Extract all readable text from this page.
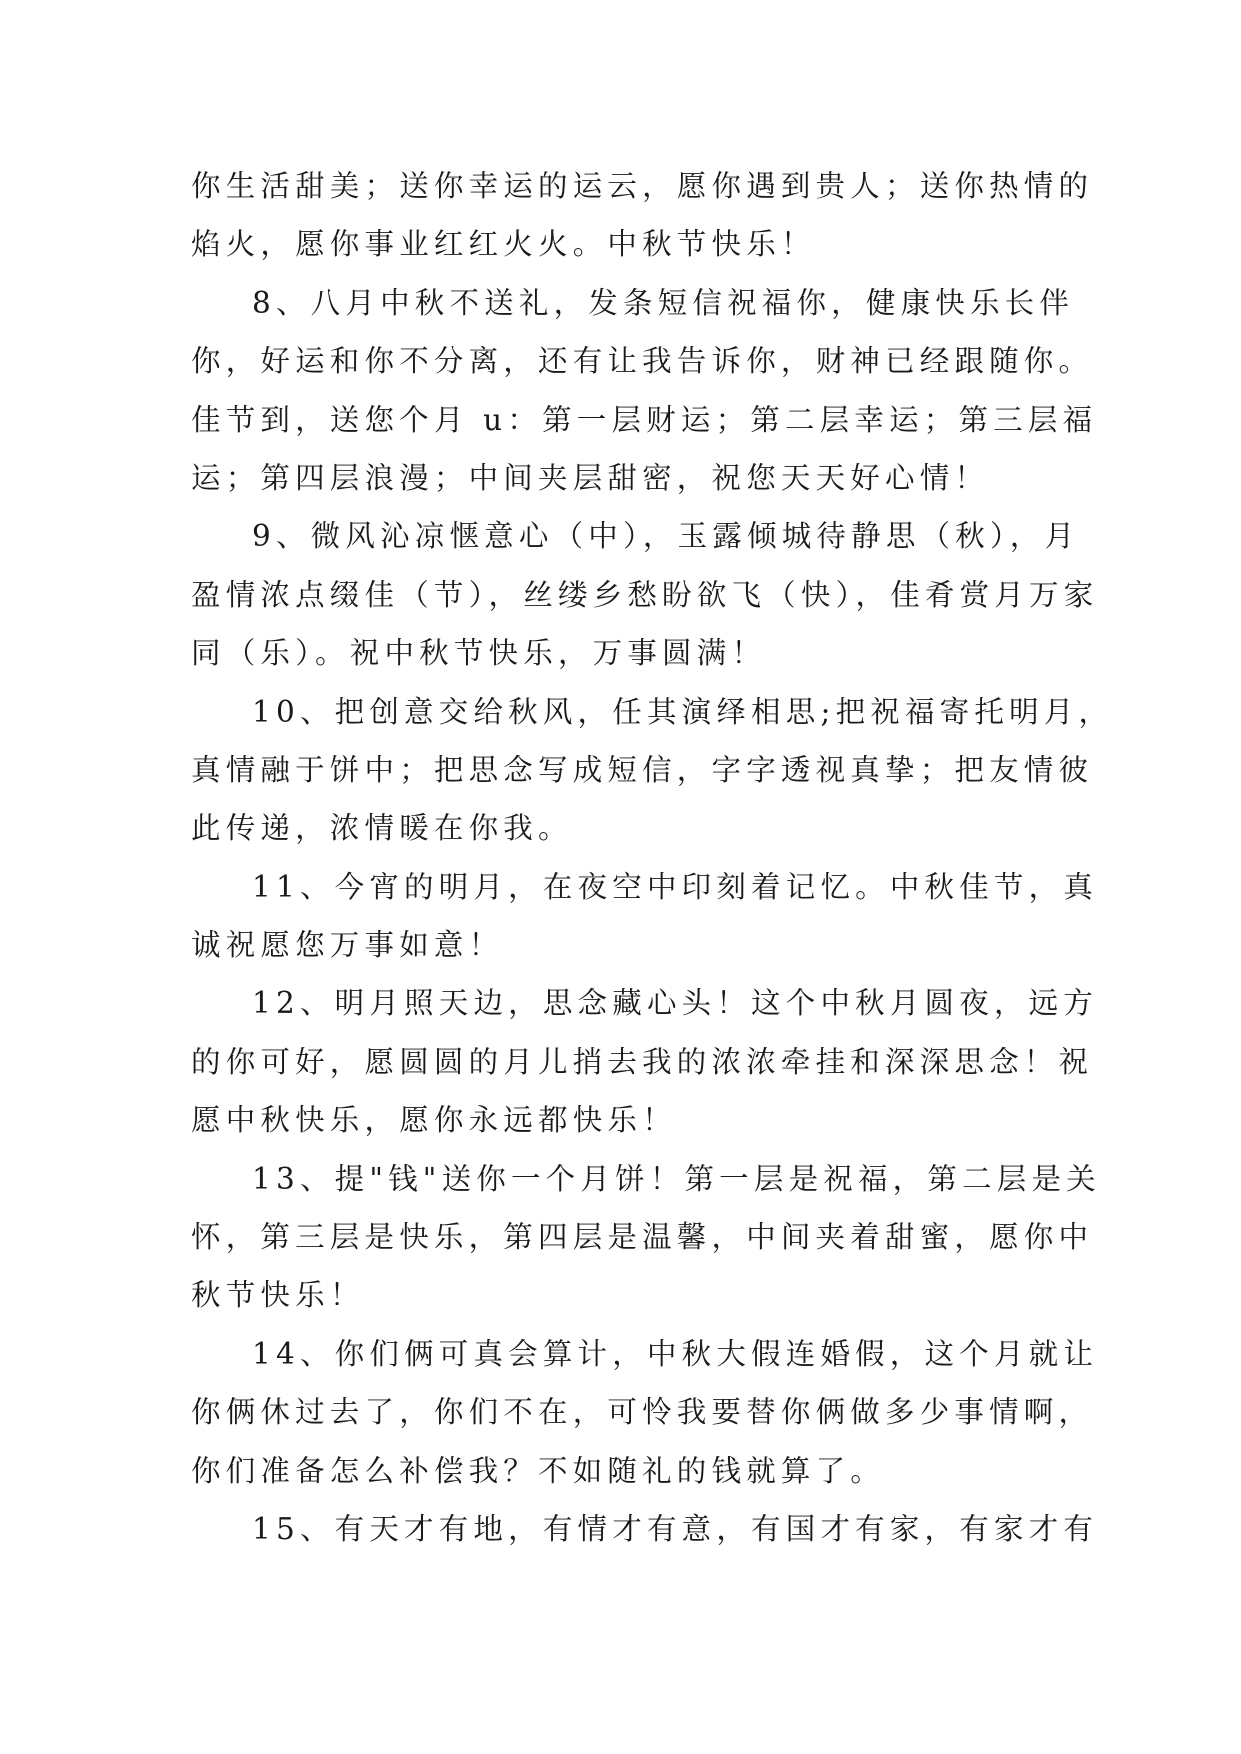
你生活甜美；送你幸运的运云，愿你遇到贵人；送你热情的
焰火，愿你事业红红火火。中秋节快乐！
8、八月中秋不送礼，发条短信祝福你，健康快乐长伴
你，好运和你不分离，还有让我告诉你，财神已经跟随你。
佳节到，送您个月 u：第一层财运；第二层幸运；第三层福
运；第四层浪漫；中间夹层甜密，祝您天天好心情！
9、微风沁凉惬意心（中），玉露倾城待静思（秋），月
盈情浓点缀佳（节），丝缕乡愁盼欲飞（快），佳肴赏月万家
同（乐）。祝中秋节快乐，万事圆满！
10、把创意交给秋风，任其演绎相思;把祝福寄托明月，
真情融于饼中；把思念写成短信，字字透视真挚；把友情彼
此传递，浓情暖在你我。
11、今宵的明月，在夜空中印刻着记忆。中秋佳节，真
诚祝愿您万事如意！
12、明月照天边，思念藏心头！这个中秋月圆夜，远方
的你可好，愿圆圆的月儿捎去我的浓浓牵挂和深深思念！祝
愿中秋快乐，愿你永远都快乐！
13、提"钱"送你一个月饼！第一层是祝福，第二层是关
怀，第三层是快乐，第四层是温馨，中间夹着甜蜜，愿你中
秋节快乐！
14、你们俩可真会算计，中秋大假连婚假，这个月就让
你俩休过去了，你们不在，可怜我要替你俩做多少事情啊，
你们准备怎么补偿我？不如随礼的钱就算了。
15、有天才有地，有情才有意，有国才有家，有家才有
